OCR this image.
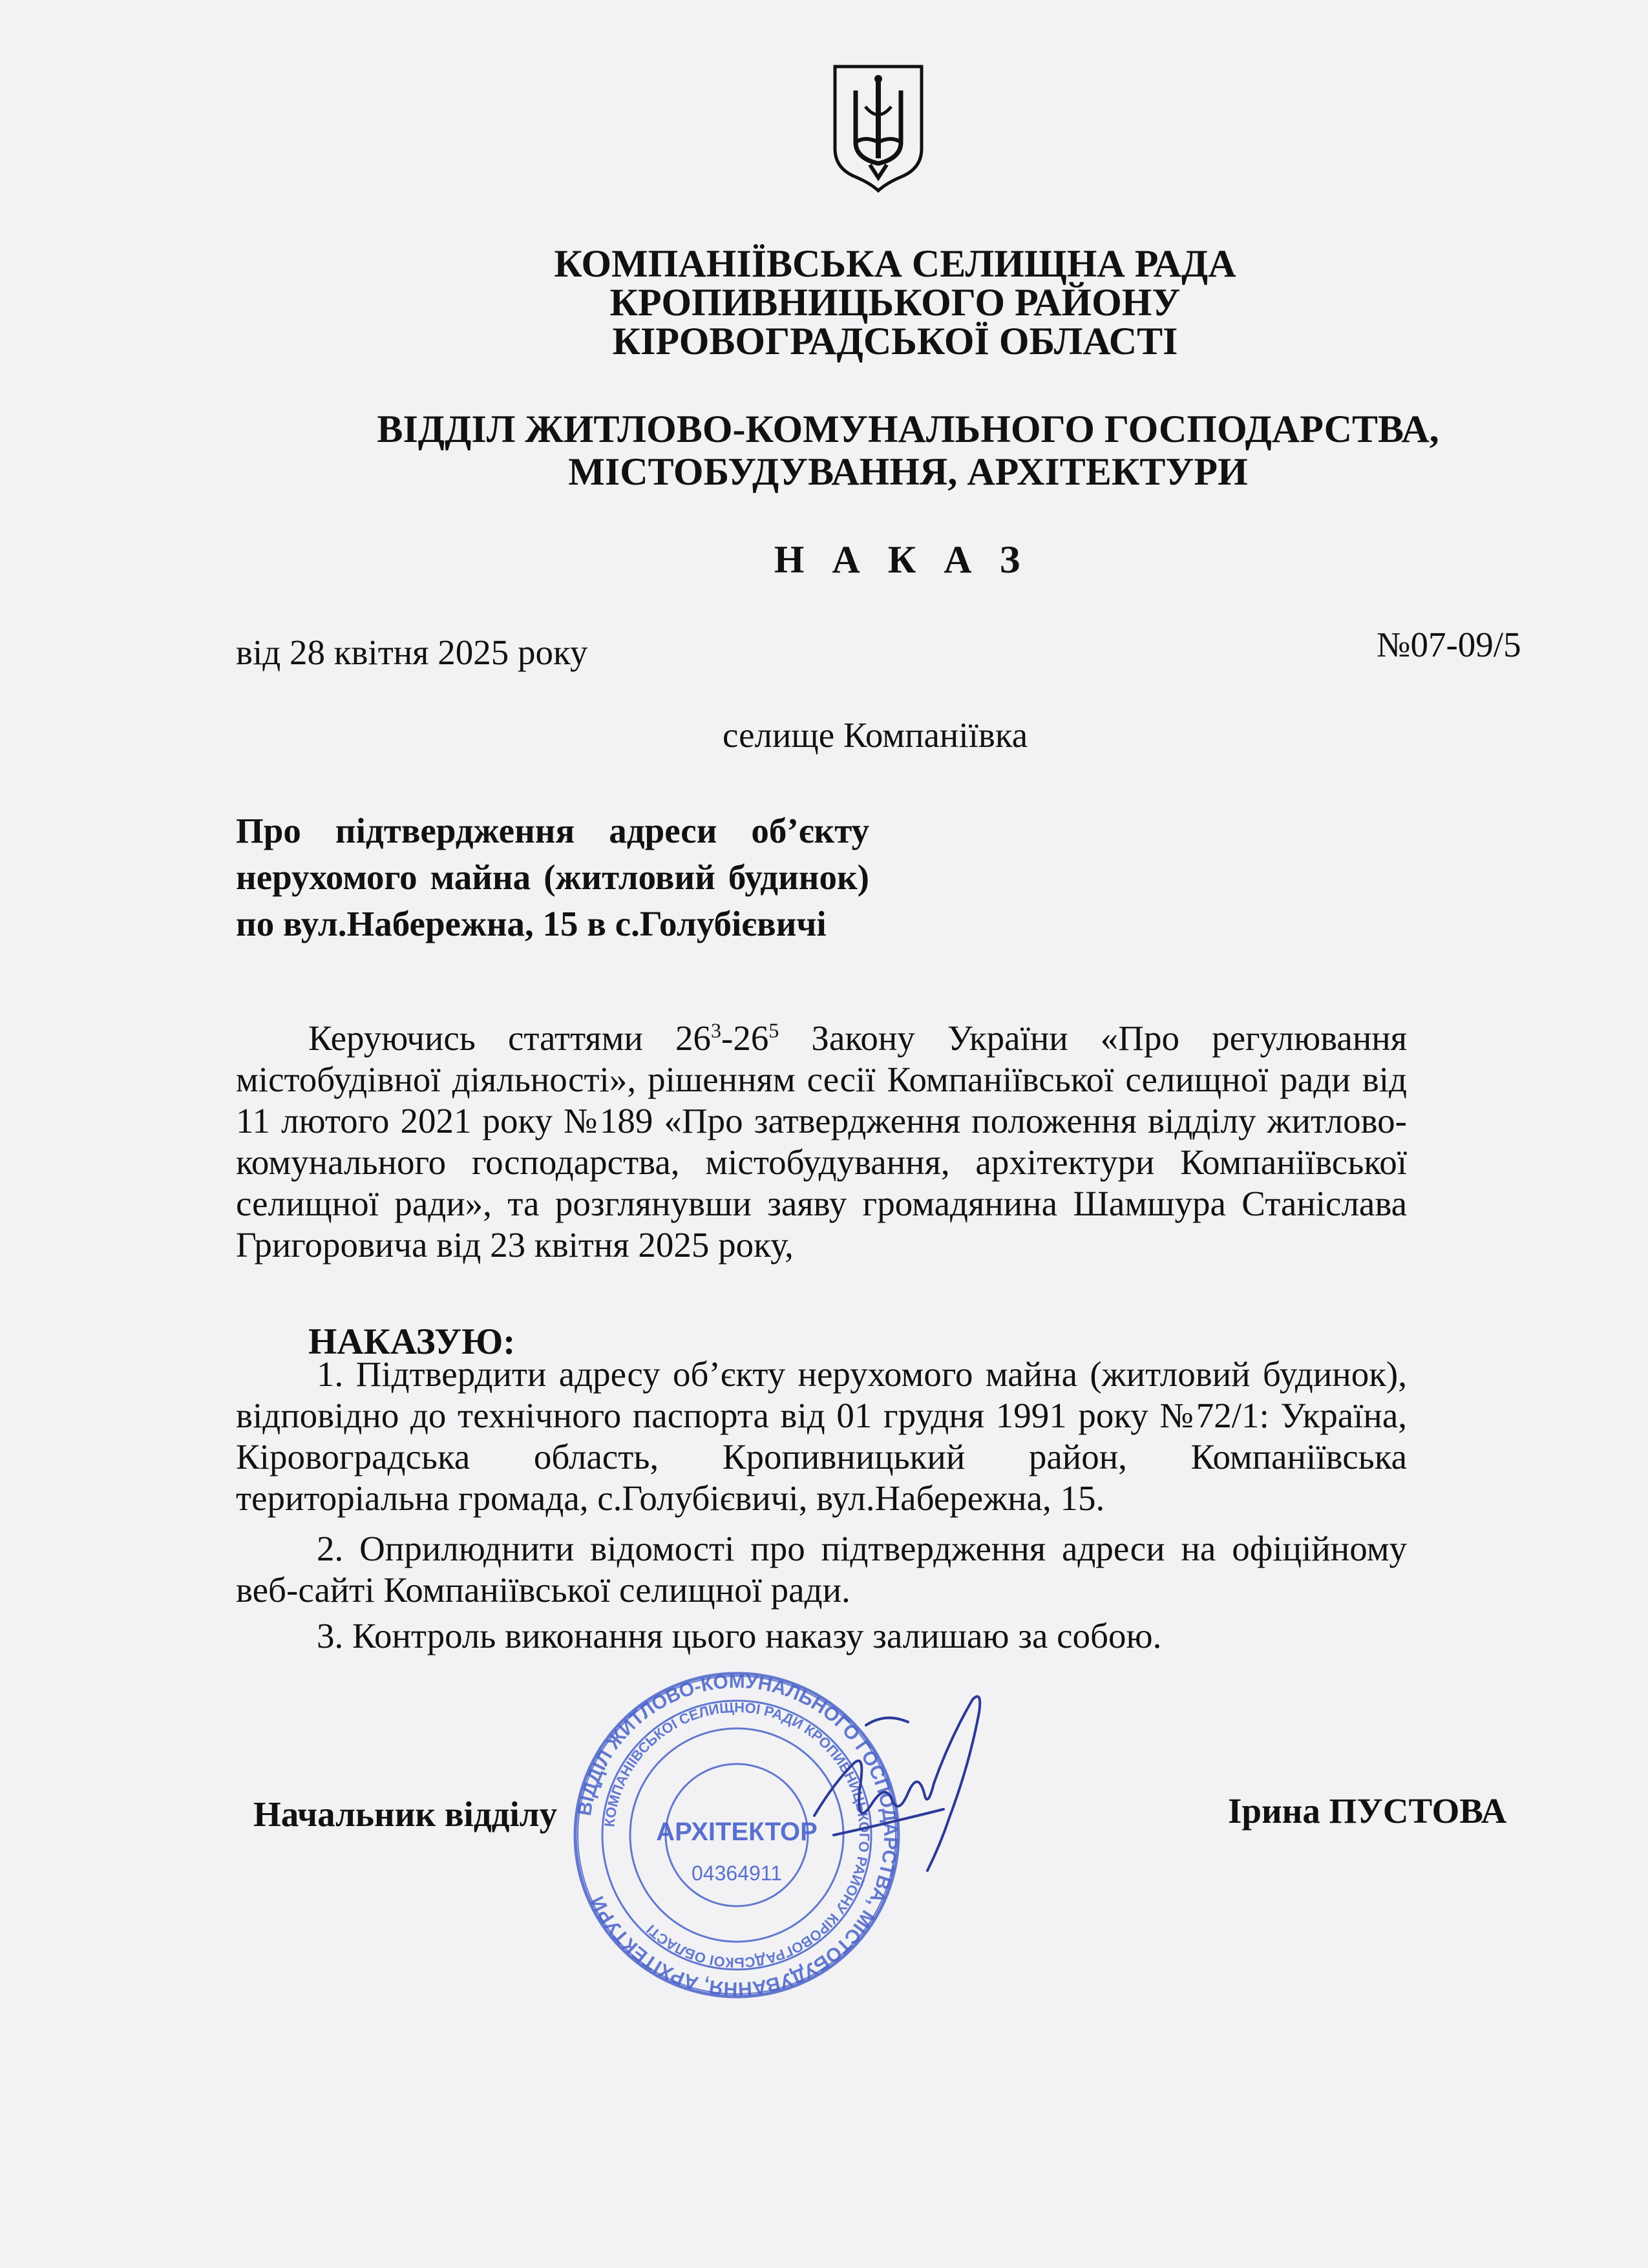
КОМПАНІЇВСЬКА СЕЛИЩНА РАДА
КРОПИВНИЦЬКОГО РАЙОНУ
КІРОВОГРАДСЬКОЇ ОБЛАСТІ
ВІДДІЛ ЖИТЛОВО-КОМУНАЛЬНОГО ГОСПОДАРСТВА,
МІСТОБУДУВАННЯ, АРХІТЕКТУРИ
Н А К А З
від 28 квітня 2025 року	№07-09/5
селище Компаніївка
Про підтвердження адреси об’єкту нерухомого майна (житловий будинок) по вул.Набережна, 15 в с.Голубієвичі
Керуючись статтями $26^3-26^5$ Закону України «Про регулювання містобудівної діяльності», рішенням сесії Компаніївської селищної ради від 11 лютого 2021 року №189 «Про затвердження положення відділу житлово-комунального господарства, містобудування, архітектури Компаніївської селищної ради», та розглянувши заяву громадянина Шамшура Станіслава Григоровича від 23 квітня 2025 року,
НАКАЗУЮ:
1. Підтвердити адресу об’єкту нерухомого майна (житловий будинок), відповідно до технічного паспорта від 01 грудня 1991 року №72/1: Україна, Кіровоградська область, Кропивницький район, Компаніївська територіальна громада, с.Голубієвичі, вул.Набережна, 15.
2. Оприлюднити відомості про підтвердження адреси на офіційному веб-сайті Компаніївської селищної ради.
3. Контроль виконання цього наказу залишаю за собою.
ВІДДІЛ ЖИТЛОВО-КОМУНАЛЬНОГО ГОСПОДАРСТВА, МІСТОБУДУВАННЯ, АРХІТЕКТУРИ
КОМПАНІЇВСЬКОЇ СЕЛИЩНОЇ РАДИ КРОПИВНИЦЬКОГО РАЙОНУ КІРОВОГРАДСЬКОЇ ОБЛАСТІ
АРХІТЕКТОР
04364911
Начальник відділу	Ірина ПУСТОВА
